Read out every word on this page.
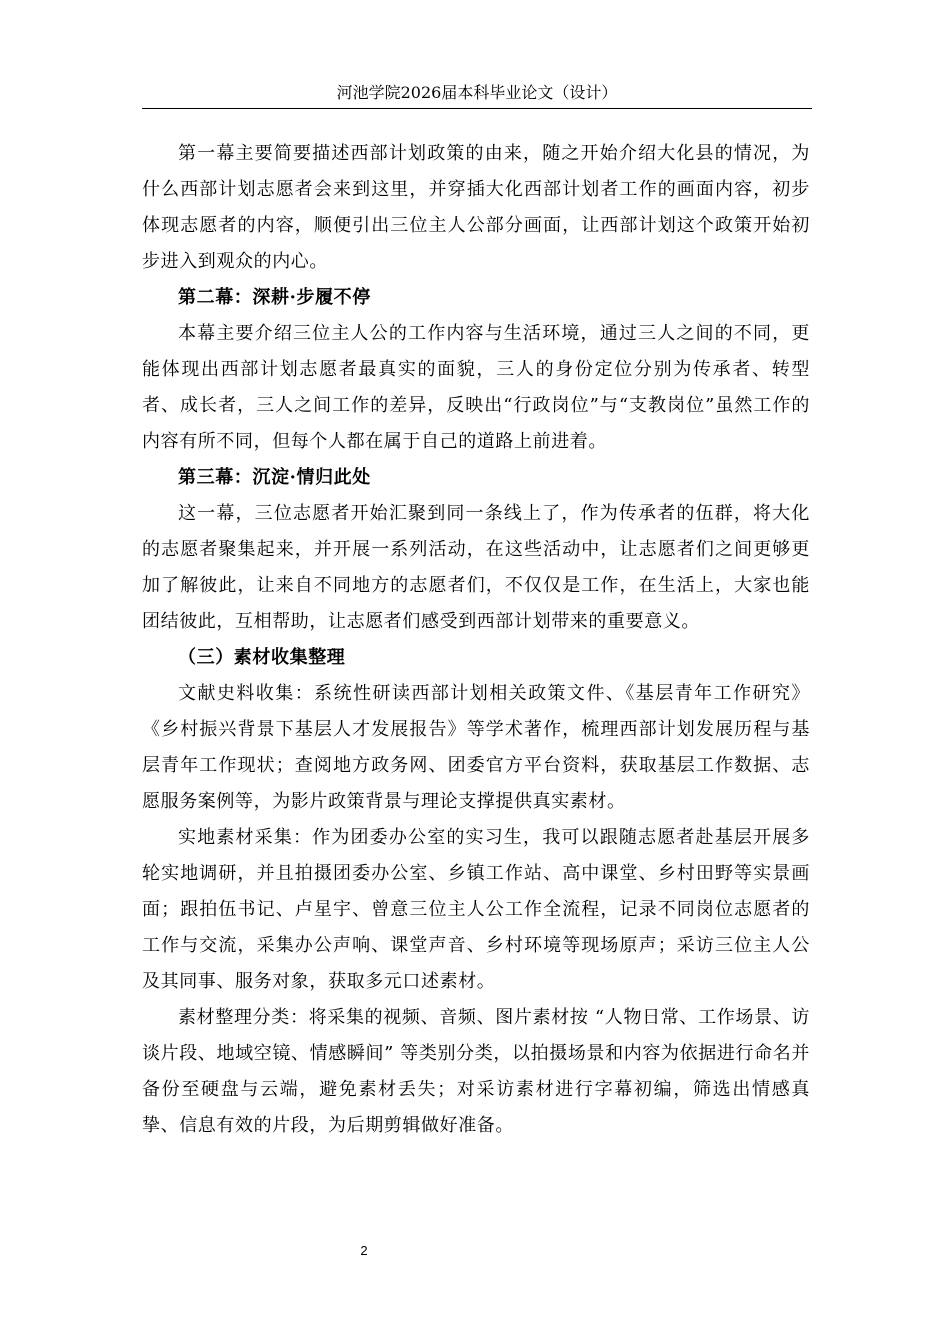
河池学院2026届本科毕业论文（设计）

第一幕主要简要描述西部计划政策的由来，随之开始介绍大化县的情况，为什么西部计划志愿者会来到这里，并穿插大化西部计划者工作的画面内容，初步体现志愿者的内容，顺便引出三位主人公部分画面，让西部计划这个政策开始初步进入到观众的内心。

第二幕：深耕·步履不停

本幕主要介绍三位主人公的工作内容与生活环境，通过三人之间的不同，更能体现出西部计划志愿者最真实的面貌，三人的身份定位分别为传承者、转型者、成长者，三人之间工作的差异，反映出“行政岗位”与“支教岗位”虽然工作的内容有所不同，但每个人都在属于自己的道路上前进着。

第三幕：沉淀·情归此处

这一幕，三位志愿者开始汇聚到同一条线上了，作为传承者的伍群，将大化的志愿者聚集起来，并开展一系列活动，在这些活动中，让志愿者们之间更够更加了解彼此，让来自不同地方的志愿者们，不仅仅是工作，在生活上，大家也能团结彼此，互相帮助，让志愿者们感受到西部计划带来的重要意义。

（三）素材收集整理

文献史料收集：系统性研读西部计划相关政策文件、《基层青年工作研究》《乡村振兴背景下基层人才发展报告》等学术著作，梳理西部计划发展历程与基层青年工作现状；查阅地方政务网、团委官方平台资料，获取基层工作数据、志愿服务案例等，为影片政策背景与理论支撑提供真实素材。

实地素材采集：作为团委办公室的实习生，我可以跟随志愿者赴基层开展多轮实地调研，并且拍摄团委办公室、乡镇工作站、高中课堂、乡村田野等实景画面；跟拍伍书记、卢星宇、曾意三位主人公工作全流程，记录不同岗位志愿者的工作与交流，采集办公声响、课堂声音、乡村环境等现场原声；采访三位主人公及其同事、服务对象，获取多元口述素材。

素材整理分类：将采集的视频、音频、图片素材按 “人物日常、工作场景、访谈片段、地域空镜、情感瞬间” 等类别分类，以拍摄场景和内容为依据进行命名并备份至硬盘与云端，避免素材丢失；对采访素材进行字幕初编，筛选出情感真挚、信息有效的片段，为后期剪辑做好准备。

2
